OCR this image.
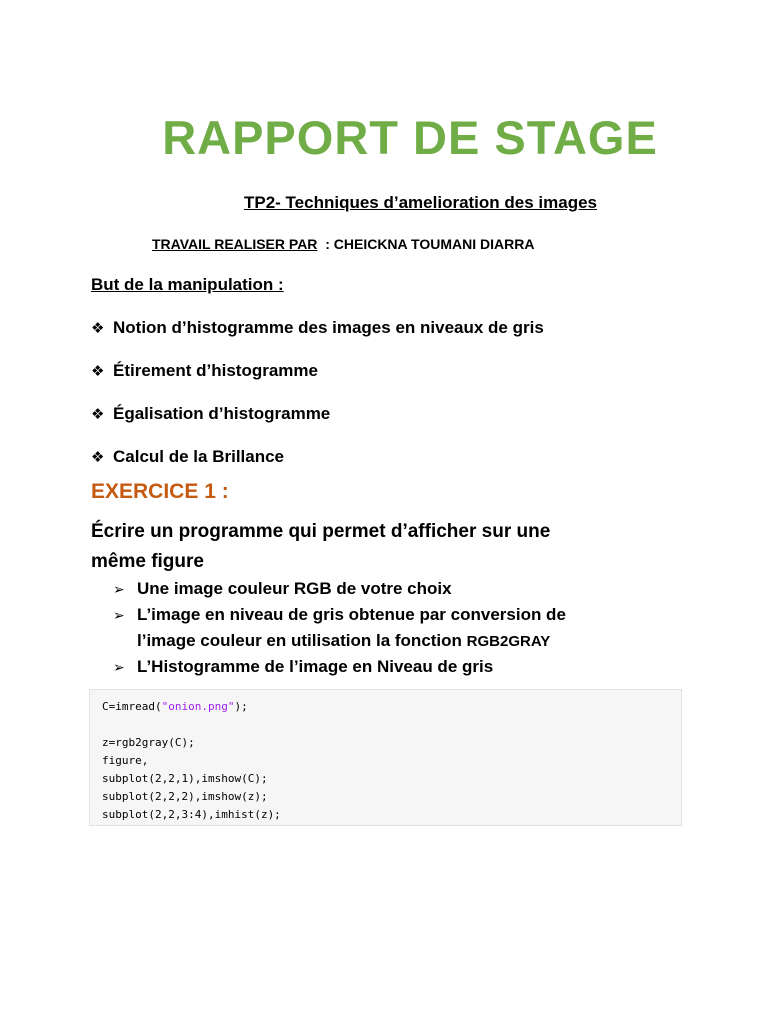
RAPPORT DE STAGE
TP2- Techniques d’amelioration des images
TRAVAIL REALISER PAR  : CHEICKNA TOUMANI DIARRA
But de la manipulation :
❖ Notion d’histogramme des images en niveaux de gris
❖ Étirement d’histogramme
❖ Égalisation d’histogramme
❖ Calcul de la Brillance
EXERCICE 1 :
Écrire un programme qui permet d’afficher sur une
même figure
➢ Une image couleur RGB de votre choix
➢ L’image en niveau de gris obtenue par conversion de
l’image couleur en utilisation la fonction RGB2GRAY
➢ L’Histogramme de l’image en Niveau de gris
C=imread("onion.png");

z=rgb2gray(C);
figure,
subplot(2,2,1),imshow(C);
subplot(2,2,2),imshow(z);
subplot(2,2,3:4),imhist(z);
